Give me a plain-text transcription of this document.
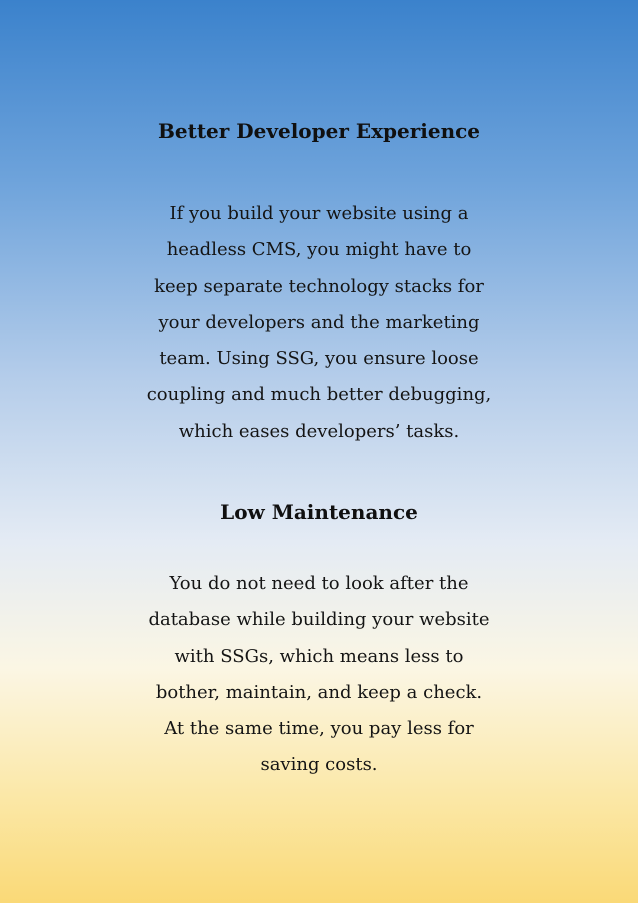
Better Developer Experience

If you build your website using a
headless CMS, you might have to
keep separate technology stacks for
your developers and the marketing
team. Using SSG, you ensure loose
coupling and much better debugging,
which eases developers’ tasks.

Low Maintenance

You do not need to look after the
database while building your website
with SSGs, which means less to
bother, maintain, and keep a check.
At the same time, you pay less for
saving costs.
